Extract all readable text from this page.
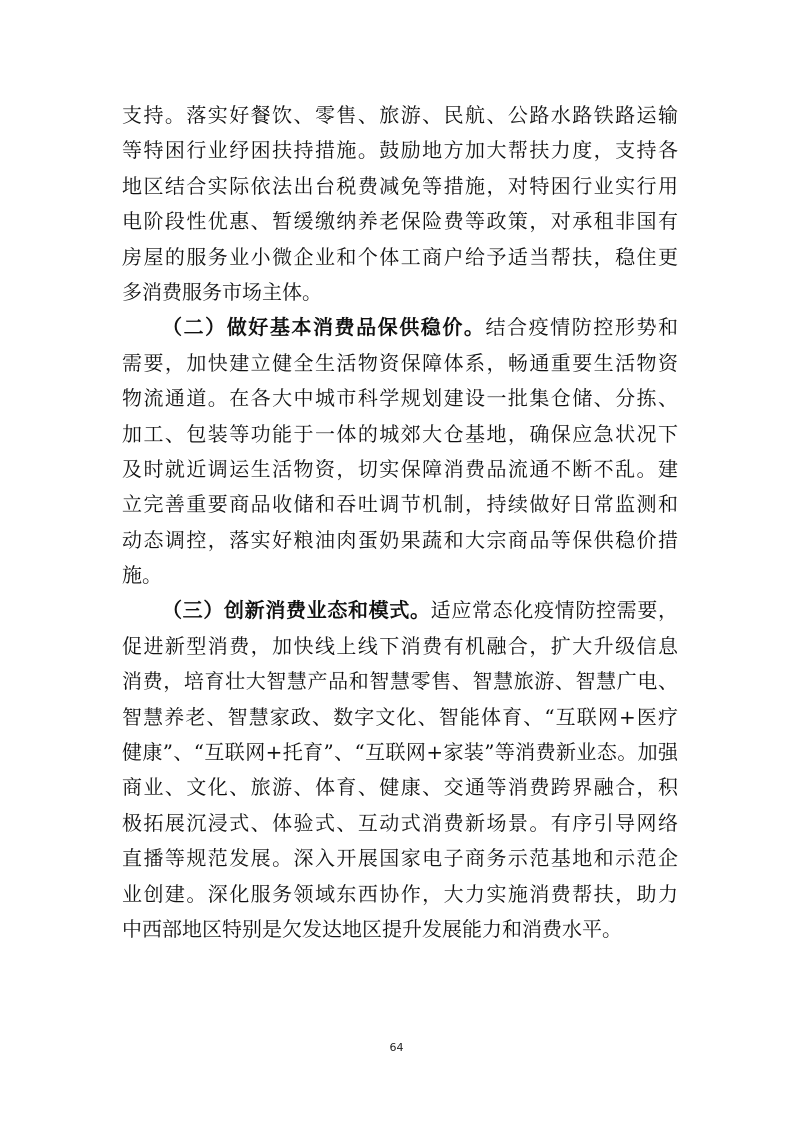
支持。落实好餐饮、零售、旅游、民航、公路水路铁路运输
等特困行业纾困扶持措施。鼓励地方加大帮扶力度，支持各
地区结合实际依法出台税费减免等措施，对特困行业实行用
电阶段性优惠、暂缓缴纳养老保险费等政策，对承租非国有
房屋的服务业小微企业和个体工商户给予适当帮扶，稳住更
多消费服务市场主体。
（二）做好基本消费品保供稳价。结合疫情防控形势和
需要，加快建立健全生活物资保障体系，畅通重要生活物资
物流通道。在各大中城市科学规划建设一批集仓储、分拣、
加工、包装等功能于一体的城郊大仓基地，确保应急状况下
及时就近调运生活物资，切实保障消费品流通不断不乱。建
立完善重要商品收储和吞吐调节机制，持续做好日常监测和
动态调控，落实好粮油肉蛋奶果蔬和大宗商品等保供稳价措
施。
（三）创新消费业态和模式。适应常态化疫情防控需要，
促进新型消费，加快线上线下消费有机融合，扩大升级信息
消费，培育壮大智慧产品和智慧零售、智慧旅游、智慧广电、
智慧养老、智慧家政、数字文化、智能体育、“互联网+医疗
健康”、“互联网+托育”、“互联网+家装”等消费新业态。加强
商业、文化、旅游、体育、健康、交通等消费跨界融合，积
极拓展沉浸式、体验式、互动式消费新场景。有序引导网络
直播等规范发展。深入开展国家电子商务示范基地和示范企
业创建。深化服务领域东西协作，大力实施消费帮扶，助力
中西部地区特别是欠发达地区提升发展能力和消费水平。
64
